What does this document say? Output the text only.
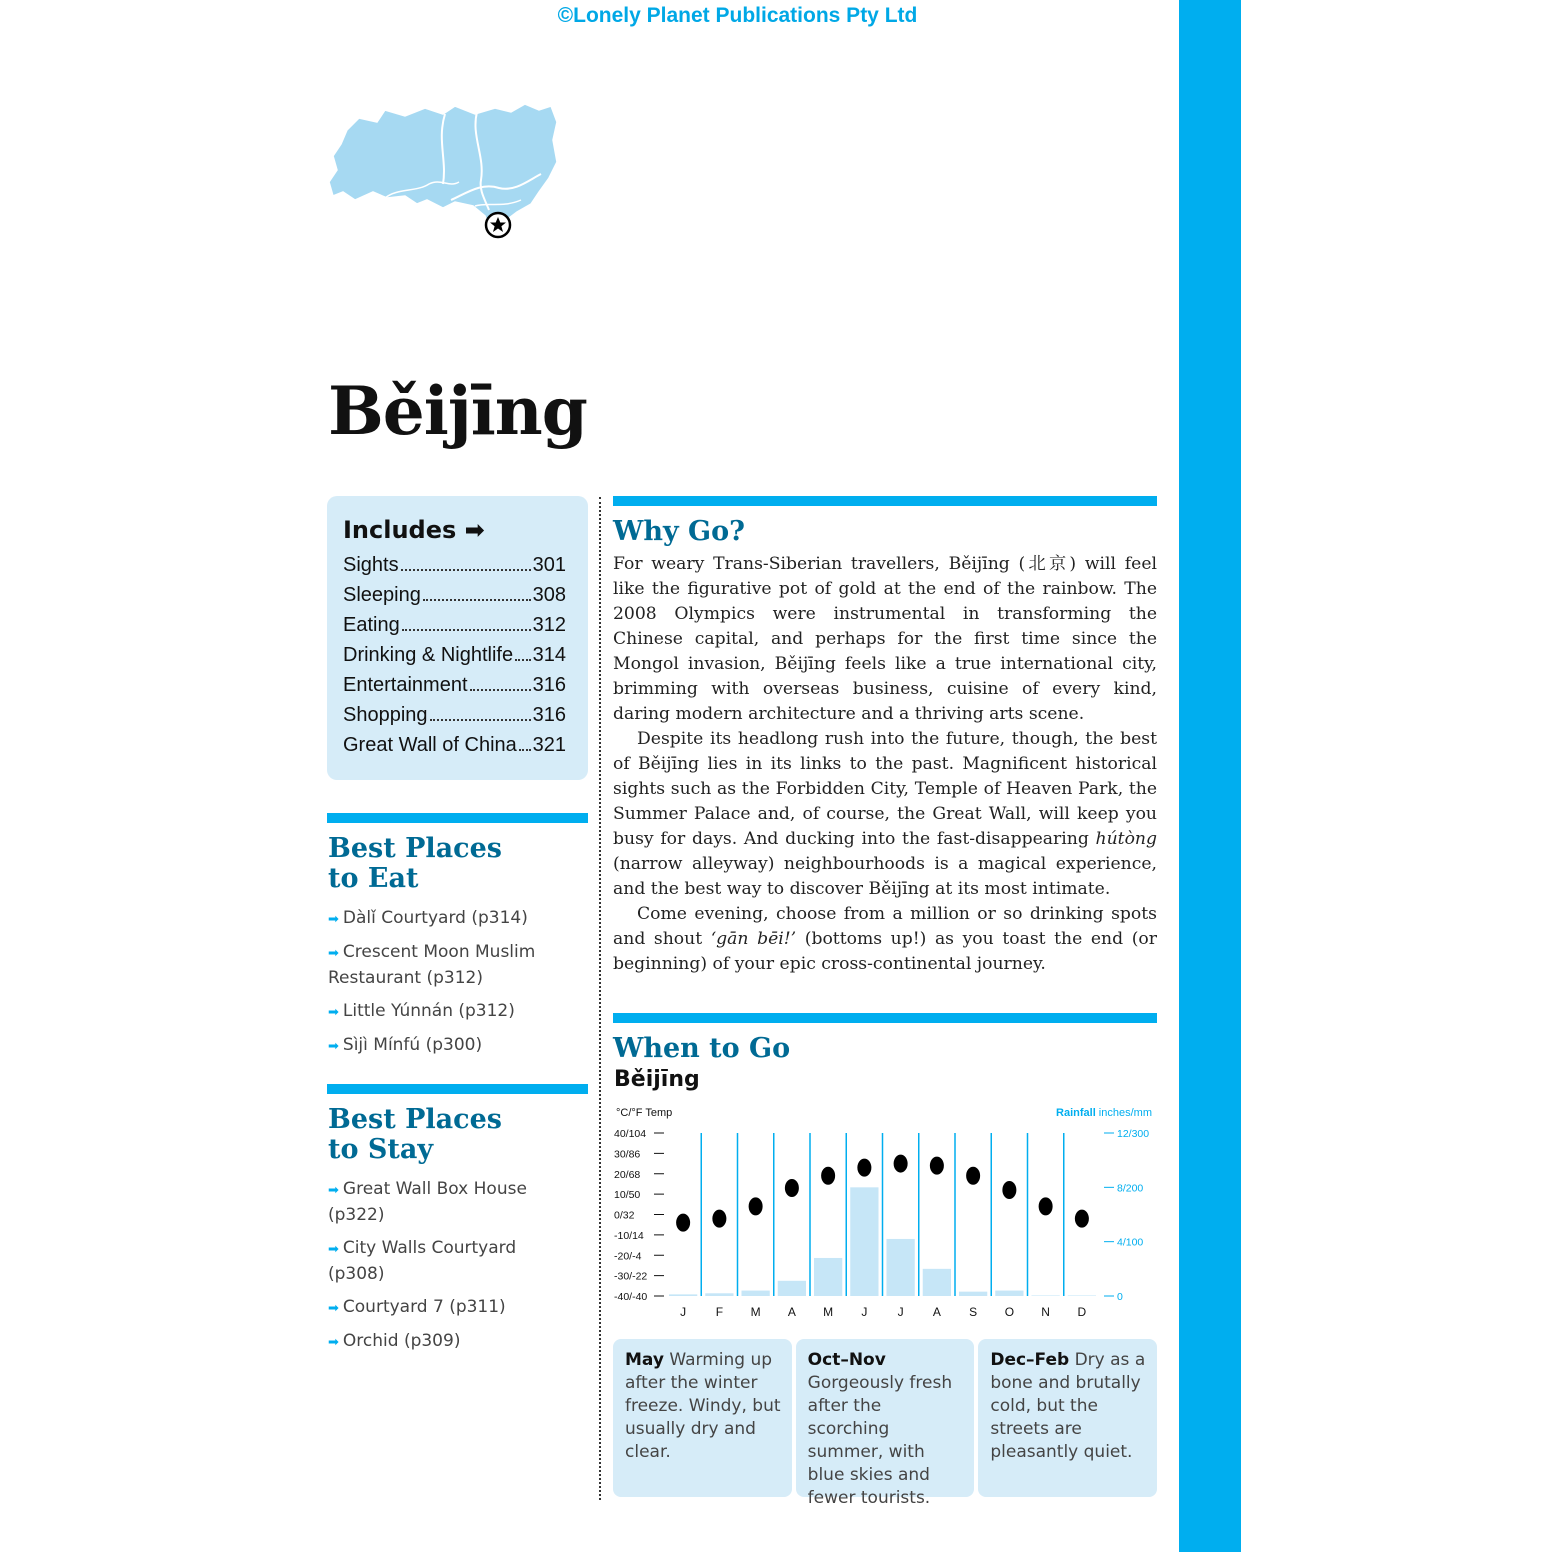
©Lonely Planet Publications Pty Ltd
Běijīng
Includes ➡
Sights	301
Sleeping	308
Eating	312
Drinking & Nightlife 314
Entertainment	316
Shopping	316
Great Wall of China 321
Best Places
to Eat
➡ Dàlǐ Courtyard (p314)
➡ Crescent Moon Muslim Restaurant (p312)
➡ Little Yúnnán (p312)
➡ Sìjì Mínfú (p300)
Best Places
to Stay
➡ Great Wall Box House (p322)
➡ City Walls Courtyard (p308)
➡ Courtyard 7 (p311)
➡ Orchid (p309)
Why Go?

For weary Trans-Siberian travellers, Běijīng (北京) will feel like the figurative pot of gold at the end of the rainbow. The 2008 Olympics were instrumental in transforming the Chinese capital, and perhaps for the first time since the Mongol invasion, Běijīng feels like a true international city, brimming with overseas business, cuisine of every kind, daring modern architecture and a thriving arts scene.

Despite its headlong rush into the future, though, the best of Běijīng lies in its links to the past. Magnificent historical sights such as the Forbidden City, Temple of Heaven Park, the Summer Palace and, of course, the Great Wall, will keep you busy for days. And ducking into the fast-disappearing hútòng (narrow alleyway) neighbourhoods is a magical experience, and the best way to discover Běijīng at its most intimate.

Come evening, choose from a million or so drinking spots and shout ‘gān bēi!’ (bottoms up!) as you toast the end (or beginning) of your epic cross-continental journey.

When to Go
Běijīng
°C/°F Temp	Rainfall inches/mm
40/104
30/86
20/68
10/50
0/32
-10/14
-20/-4
-30/-22
-40/-40
12/300
8/200
4/100
0
J F M A M J	J A S O N D
May Warming up after the winter freeze. Windy, but usually dry and clear.
Oct–Nov Gorgeously fresh after the scorching summer, with blue skies and fewer tourists.
Dec–Feb Dry as a bone and brutally cold, but the streets are pleasantly quiet.
